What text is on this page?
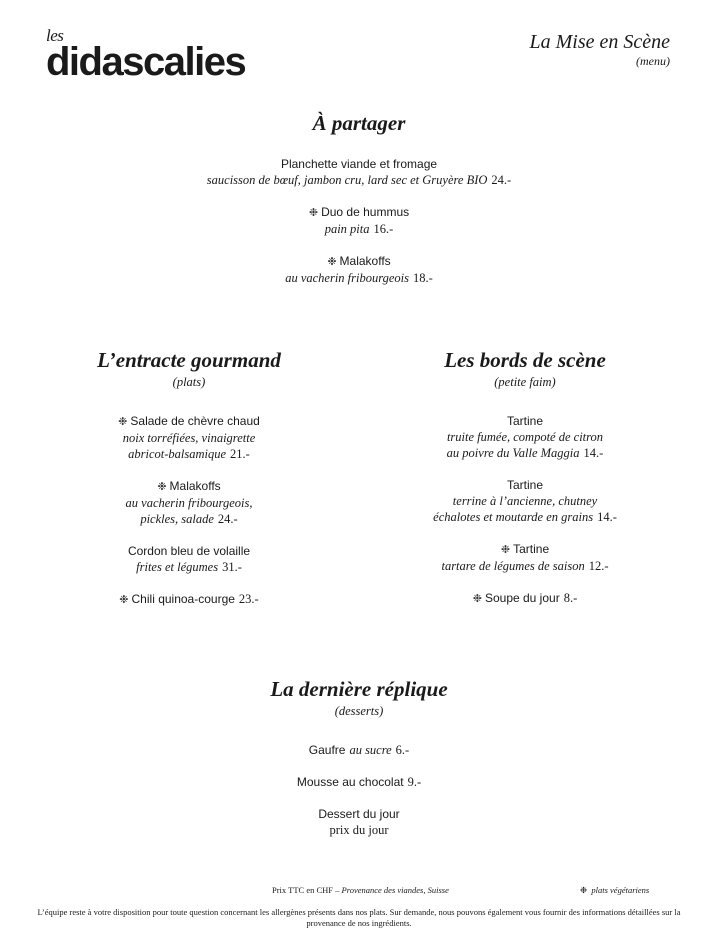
les
didascalies	La Mise en Scène
(menu)
À partager
Planchette viande et fromage
saucisson de bœuf, jambon cru, lard sec et Gruyère BIO 24.-
❉ Duo de hummus
pain pita 16.-
❉ Malakoffs
au vacherin fribourgeois 18.-
L’entracte gourmand
(plats)
❉ Salade de chèvre chaud
noix torréfiées, vinaigrette
abricot-balsamique 21.-
❉ Malakoffs
au vacherin fribourgeois,
pickles, salade 24.-
Cordon bleu de volaille
frites et légumes 31.-
❉ Chili quinoa-courge 23.-
Les bords de scène
(petite faim)
Tartine
truite fumée, compoté de citron
au poivre du Valle Maggia 14.-
Tartine
terrine à l’ancienne, chutney
échalotes et moutarde en grains 14.-
❉ Tartine
tartare de légumes de saison 12.-
❉ Soupe du jour 8.-
La dernière réplique
(desserts)
Gaufre au sucre 6.-
Mousse au chocolat 9.-
Dessert du jour
prix du jour
Prix TTC en CHF – Provenance des viandes, Suisse	❉ plats végétariens
L’équipe reste à votre disposition pour toute question concernant les allergènes présents dans nos plats. Sur demande, nous pouvons également vous fournir des informations détaillées sur la provenance de nos ingrédients.
